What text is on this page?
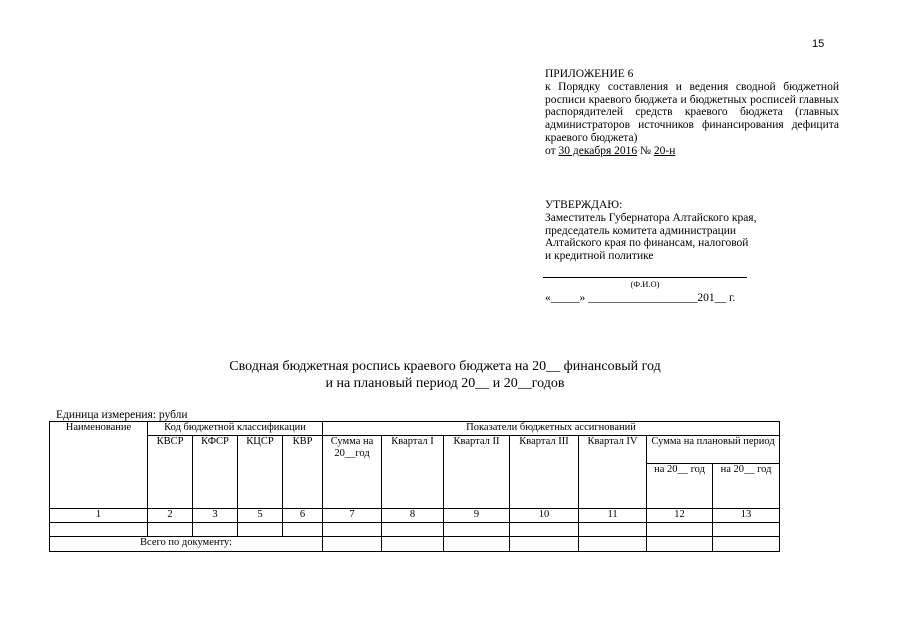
15
ПРИЛОЖЕНИЕ 6
к Порядку составления и ведения сводной бюджетной росписи краевого бюджета и бюджетных росписей главных распорядителей средств краевого бюджета (главных администраторов источников финансирования дефицита краевого бюджета)
от 30 декабря 2016 № 20-н
УТВЕРЖДАЮ:
Заместитель Губернатора Алтайского края,
председатель комитета администрации
Алтайского края по финансам, налоговой
и кредитной политике
(Ф.И.О)
«_____» ___________________201__ г.
Сводная бюджетная роспись краевого бюджета на 20__ финансовый год
и на плановый период 20__ и 20__годов
Единица измерения: рубли
Наименование	Код бюджетной классификации				Показатели бюджетных ассигнований						
	КВСР	КФСР	КЦСР	КВР	Сумма на 20__год	Квартал I	Квартал II	Квартал III	Квартал IV	Сумма на плановый период	
										на 20__ год	на 20__ год
1	2	3	5	6	7	8	9	10	11	12	13

Всего по документу:											
